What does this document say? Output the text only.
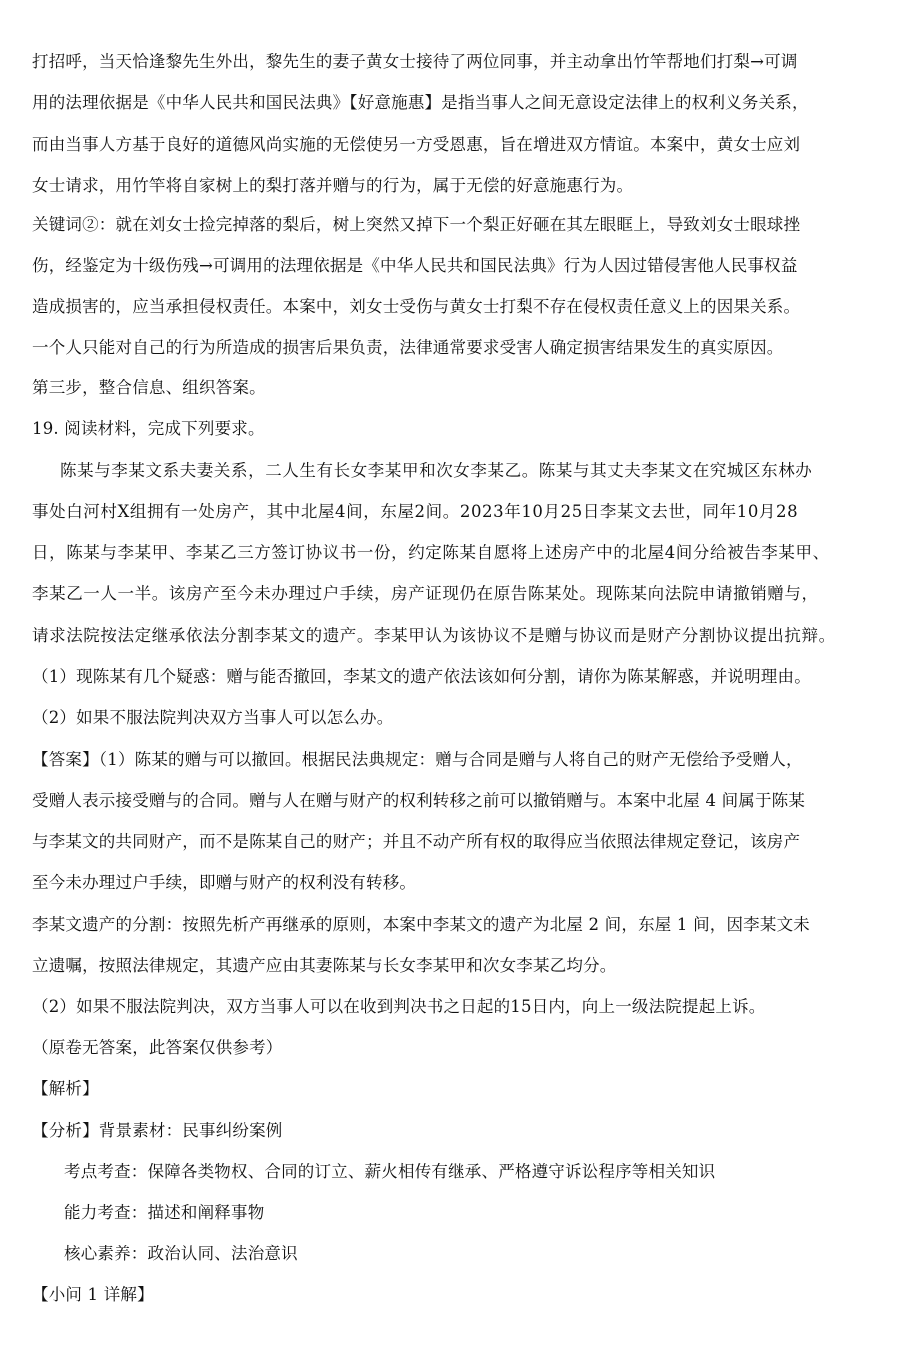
打招呼，当天恰逢黎先生外出，黎先生的妻子黄女士接待了两位同事，并主动拿出竹竿帮地们打梨→可调
用的法理依据是《中华人民共和国民法典》【好意施惠】是指当事人之间无意设定法律上的权利义务关系，
而由当事人方基于良好的道德风尚实施的无偿使另一方受恩惠，旨在增进双方情谊。本案中，黄女士应刘
女士请求，用竹竿将自家树上的梨打落并赠与的行为，属于无偿的好意施惠行为。
关键词②：就在刘女士捡完掉落的梨后，树上突然又掉下一个梨正好砸在其左眼眶上，导致刘女士眼球挫
伤，经鉴定为十级伤残→可调用的法理依据是《中华人民共和国民法典》行为人因过错侵害他人民事权益
造成损害的，应当承担侵权责任。本案中，刘女士受伤与黄女士打梨不存在侵权责任意义上的因果关系。
一个人只能对自己的行为所造成的损害后果负责，法律通常要求受害人确定损害结果发生的真实原因。
第三步，整合信息、组织答案。
19. 阅读材料，完成下列要求。
陈某与李某文系夫妻关系，二人生有长女李某甲和次女李某乙。陈某与其丈夫李某文在究城区东林办
事处白河村X组拥有一处房产，其中北屋4间，东屋2间。2023年10月25日李某文去世，同年10月28
日，陈某与李某甲、李某乙三方签订协议书一份，约定陈某自愿将上述房产中的北屋4间分给被告李某甲、
李某乙一人一半。该房产至今未办理过户手续，房产证现仍在原告陈某处。现陈某向法院申请撤销赠与，
请求法院按法定继承依法分割李某文的遗产。李某甲认为该协议不是赠与协议而是财产分割协议提出抗辩。
（1）现陈某有几个疑惑：赠与能否撤回，李某文的遗产依法该如何分割，请你为陈某解惑，并说明理由。
（2）如果不服法院判决双方当事人可以怎么办。
【答案】（1）陈某的赠与可以撤回。根据民法典规定：赠与合同是赠与人将自己的财产无偿给予受赠人，
受赠人表示接受赠与的合同。赠与人在赠与财产的权利转移之前可以撤销赠与。本案中北屋 4 间属于陈某
与李某文的共同财产，而不是陈某自己的财产；并且不动产所有权的取得应当依照法律规定登记，该房产
至今未办理过户手续，即赠与财产的权利没有转移。
李某文遗产的分割：按照先析产再继承的原则，本案中李某文的遗产为北屋 2 间，东屋 1 间，因李某文未
立遗嘱，按照法律规定，其遗产应由其妻陈某与长女李某甲和次女李某乙均分。
（2）如果不服法院判决，双方当事人可以在收到判决书之日起的15日内，向上一级法院提起上诉。
（原卷无答案，此答案仅供参考）
【解析】
【分析】背景素材：民事纠纷案例
考点考查：保障各类物权、合同的订立、薪火相传有继承、严格遵守诉讼程序等相关知识
能力考查：描述和阐释事物
核心素养：政治认同、法治意识
【小问 1 详解】
